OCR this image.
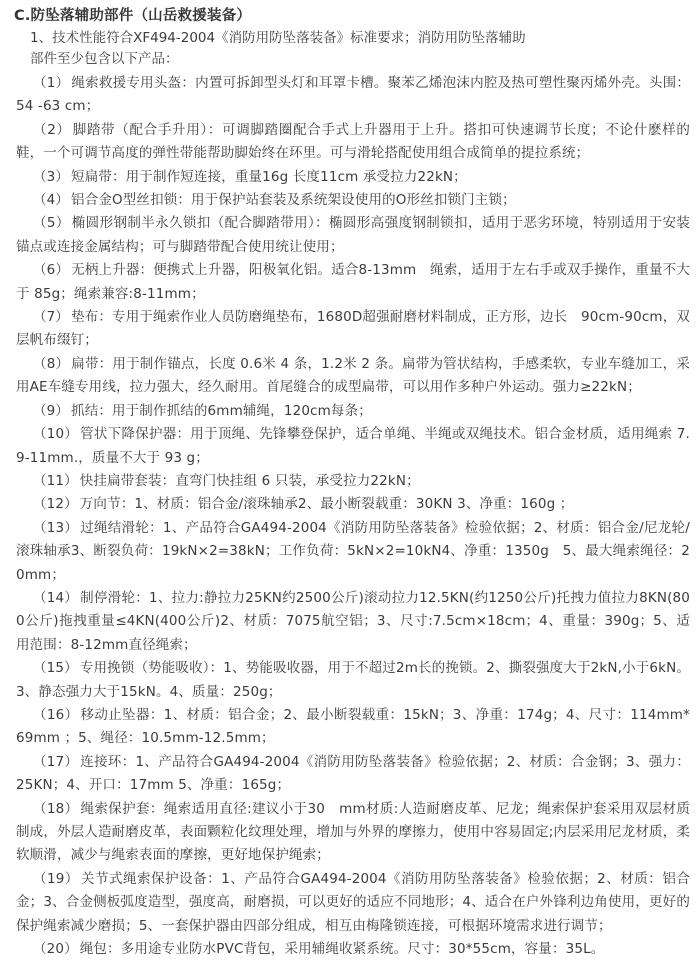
C.防坠落辅助部件（山岳救援装备）
1、技术性能符合XF494-2004《消防用防坠落装备》标准要求；消防用防坠落辅助
部件至少包含以下产品：
（1） 绳索救援专用头盔：内置可拆卸型头灯和耳罩卡槽。聚苯乙烯泡沫内腔及热可塑性聚丙烯外壳。头围：54 -63 cm；
（2） 脚踏带（配合手升用）：可调脚踏圈配合手式上升器用于上升。搭扣可快速调节长度；不论什麽样的鞋，一个可调节高度的弹性带能帮助脚始终在环里。可与滑轮搭配使用组合成简单的提拉系统；
（3） 短扁带：用于制作短连接，重量16g 长度11cm 承受拉力22kN；
（4） 铝合金O型丝扣锁：用于保护站套装及系统架设使用的O形丝扣锁门主锁；
（5） 椭圆形钢制半永久锁扣（配合脚踏带用）：椭圆形高强度钢制锁扣，适用于恶劣环境，特别适用于安装锚点或连接金属结构；可与脚踏带配合使用统让使用；
（6） 无柄上升器：便携式上升器，阳极氧化铝。适合8-13mm　绳索，适用于左右手或双手操作，重量不大于 85g；绳索兼容:8-11mm；
（7） 垫布：专用于绳索作业人员防磨绳垫布，1680D超强耐磨材料制成，正方形，边长　90cm-90cm，双层帆布缀钉；
（8） 扁带：用于制作锚点，长度 0.6米 4 条，1.2米 2 条。扁带为管状结构，手感柔软，专业车缝加工，采用AE车缝专用线，拉力强大，经久耐用。首尾缝合的成型扁带，可以用作多种户外运动。强力≥22kN；
（9） 抓结：用于制作抓结的6mm辅绳，120cm每条；
（10） 管状下降保护器：用于顶绳、先锋攀登保护，适合单绳、半绳或双绳技术。铝合金材质，适用绳索 7.9-11mm.，质量不大于 93 g；
（11） 快挂扁带套装：直弯门快挂组 6 只装，承受拉力22kN；
（12） 万向节：1、材质：铝合金/滚珠轴承2、最小断裂载重：30KN 3、净重：160g ；
（13） 过绳结滑轮：1、产品符合GA494-2004《消防用防坠落装备》检验依据；2、材质：铝合金/尼龙轮/滚珠轴承3、断裂负荷：19kN×2=38kN；工作负荷：5kN×2=10kN4、净重：1350g　5、最大绳索绳径：20mm；
（14） 制停滑轮：1、拉力:静拉力25KN约2500公斤)滚动拉力12.5KN(约1250公斤)托拽力值拉力8KN(800公斤)拖拽重量≤4KN(400公斤)2、材质：7075航空铝；3、尺寸:7.5cm×18cm；4、重量：390g；5、适用范围：8-12mm直径绳索；
（15） 专用挽锁（势能吸收）：1、势能吸收器，用于不超过2m长的挽锁。2、撕裂强度大于2kN,小于6kN。3、静态强力大于15kN。4、质量：250g；
（16） 移动止坠器：1、材质：铝合金；2、最小断裂载重：15kN；3、净重：174g；4、尺寸：114mm*69mm ；5、绳径：10.5mm-12.5mm；
（17） 连接环：1、产品符合GA494-2004《消防用防坠落装备》检验依据；2、材质：合金钢；3、强力：25KN；4、开口：17mm 5、净重：165g；
（18） 绳索保护套：绳索适用直径:建议小于30　mm材质:人造耐磨皮革、尼龙；绳索保护套采用双层材质制成，外层人造耐磨皮革，表面颗粒化纹理处理，增加与外界的摩擦力，使用中容易固定;内层采用尼龙材质，柔软顺滑，减少与绳索表面的摩擦，更好地保护绳索；
（19） 关节式绳索保护设备：1、产品符合GA494-2004《消防用防坠落装备》检验依据；2、材质：铝合金；3、合金侧板弧度造型，强度高，耐磨损，可以更好的适应不同地形；4、适合在户外锋利边角使用，更好的保护绳索减少磨损；5、一套保护器由四部分组成，相互由梅隆锁连接，可根据环境需求进行调节；
（20） 绳包：多用途专业防水PVC背包，采用辅绳收紧系统。尺寸：30*55cm，容量：35L。
